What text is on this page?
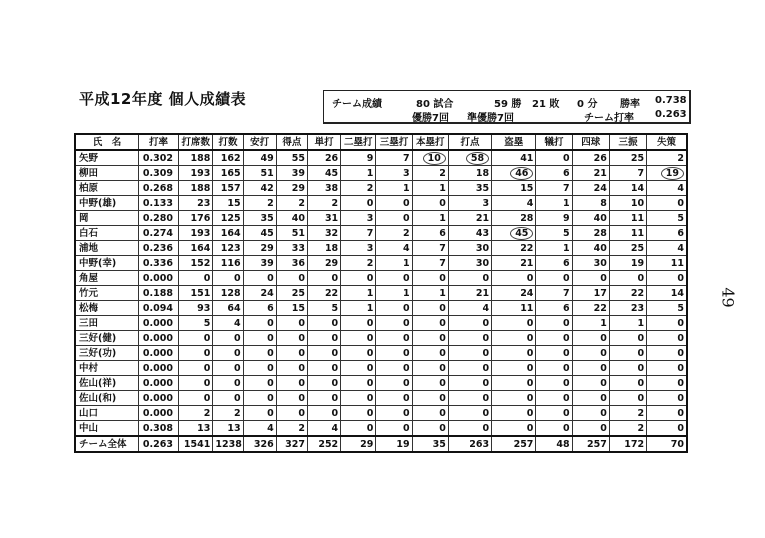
平成12年度 個人成績表	チーム成績	80 試合	59 勝 21 敗 0 分 勝率 0.738
優勝7回 準優勝7回	チーム打率 0.263
氏　名	打率	打席数	打数	安打	得点	単打	二塁打	三塁打	本塁打	打点	盗塁	犠打	四球	三振	失策
矢野	0.302	188	162	49	55	26	9	7	10	58	41	0	26	25	2
柳田	0.309	193	165	51	39	45	1	3	2	18	46	6	21	7	19
柏原	0.268	188	157	42	29	38	2	1	1	35	15	7	24	14	4
中野(雄)	0.133	23	15	2	2	2	0	0	0	3	4	1	8	10	0
岡	0.280	176	125	35	40	31	3	0	1	21	28	9	40	11	5
白石	0.274	193	164	45	51	32	7	2	6	43	45	5	28	11	6
浦地	0.236	164	123	29	33	18	3	4	7	30	22	1	40	25	4
中野(幸)	0.336	152	116	39	36	29	2	1	7	30	21	6	30	19	11
角屋	0.000	0	0	0	0	0	0	0	0	0	0	0	0	0	0
竹元	0.188	151	128	24	25	22	1	1	1	21	24	7	17	22	14
松梅	0.094	93	64	6	15	5	1	0	0	4	11	6	22	23	5
三田	0.000	5	4	0	0	0	0	0	0	0	0	0	1	1	0
三好(健)	0.000	0	0	0	0	0	0	0	0	0	0	0	0	0	0
三好(功)	0.000	0	0	0	0	0	0	0	0	0	0	0	0	0	0
中村	0.000	0	0	0	0	0	0	0	0	0	0	0	0	0	0
佐山(祥)	0.000	0	0	0	0	0	0	0	0	0	0	0	0	0	0
佐山(和)	0.000	0	0	0	0	0	0	0	0	0	0	0	0	0	0
山口	0.000	2	2	0	0	0	0	0	0	0	0	0	0	2	0
中山	0.308	13	13	4	2	4	0	0	0	0	0	0	0	2	0
チーム全体	0.263	1541	1238	326	327	252	29	19	35	263	257	48	257	172	70
49
